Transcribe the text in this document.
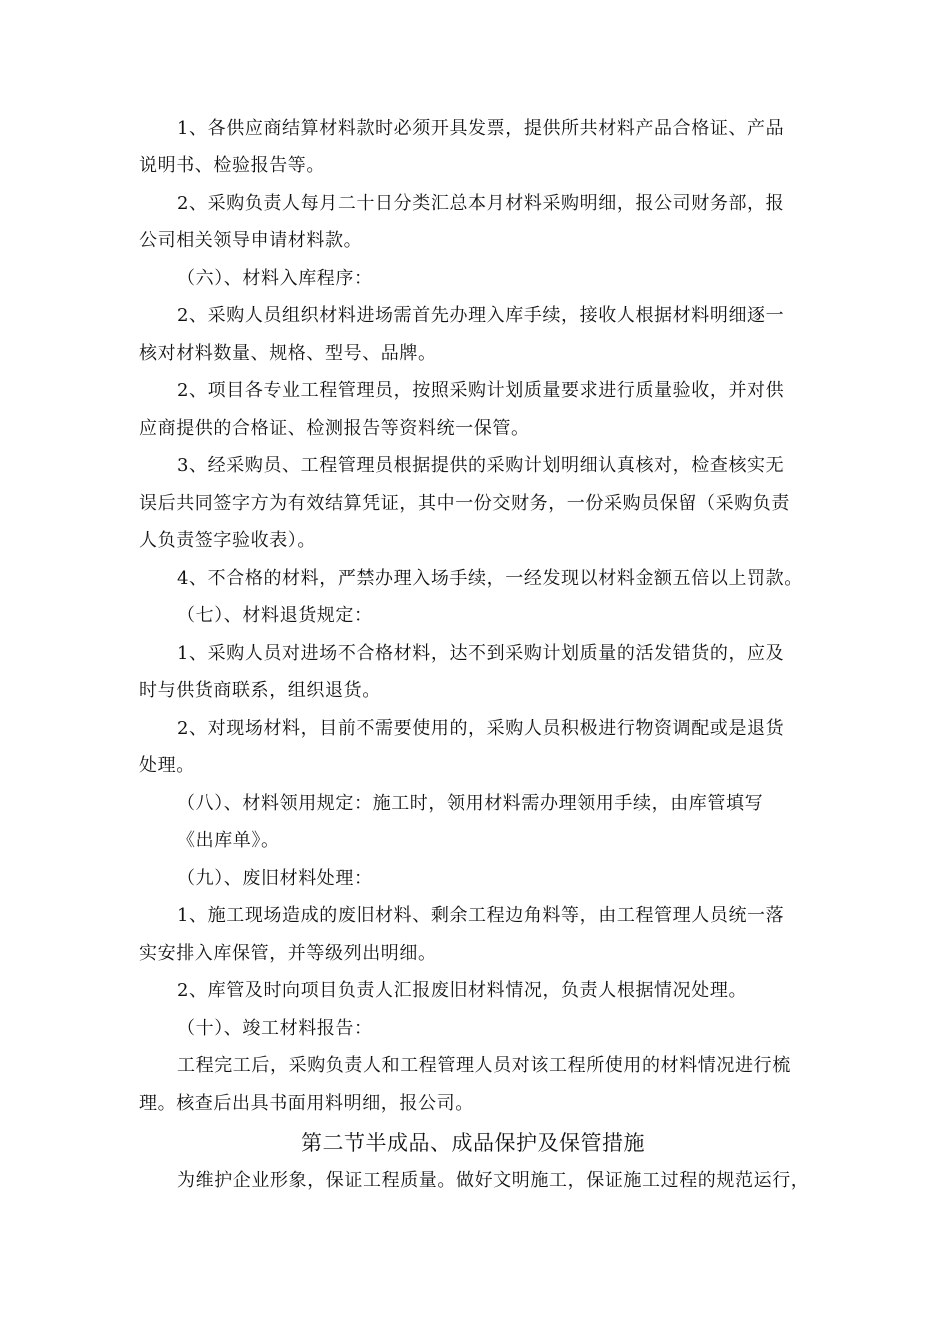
1、各供应商结算材料款时必须开具发票，提供所共材料产品合格证、产品
说明书、检验报告等。
2、采购负责人每月二十日分类汇总本月材料采购明细，报公司财务部，报
公司相关领导申请材料款。
（六）、材料入库程序：
2、采购人员组织材料进场需首先办理入库手续，接收人根据材料明细逐一
核对材料数量、规格、型号、品牌。
2、项目各专业工程管理员，按照采购计划质量要求进行质量验收，并对供
应商提供的合格证、检测报告等资料统一保管。
3、经采购员、工程管理员根据提供的采购计划明细认真核对，检查核实无
误后共同签字方为有效结算凭证，其中一份交财务，一份采购员保留（采购负责
人负责签字验收表）。
4、不合格的材料，严禁办理入场手续，一经发现以材料金额五倍以上罚款。
（七）、材料退货规定：
1、采购人员对进场不合格材料，达不到采购计划质量的活发错货的，应及
时与供货商联系，组织退货。
2、对现场材料，目前不需要使用的，采购人员积极进行物资调配或是退货
处理。
（八）、材料领用规定：施工时，领用材料需办理领用手续，由库管填写
《出库单》。
（九）、废旧材料处理：
1、施工现场造成的废旧材料、剩余工程边角料等，由工程管理人员统一落
实安排入库保管，并等级列出明细。
2、库管及时向项目负责人汇报废旧材料情况，负责人根据情况处理。
（十）、竣工材料报告：
工程完工后，采购负责人和工程管理人员对该工程所使用的材料情况进行梳
理。核查后出具书面用料明细，报公司。
第二节半成品、成品保护及保管措施
为维护企业形象，保证工程质量。做好文明施工，保证施工过程的规范运行，
